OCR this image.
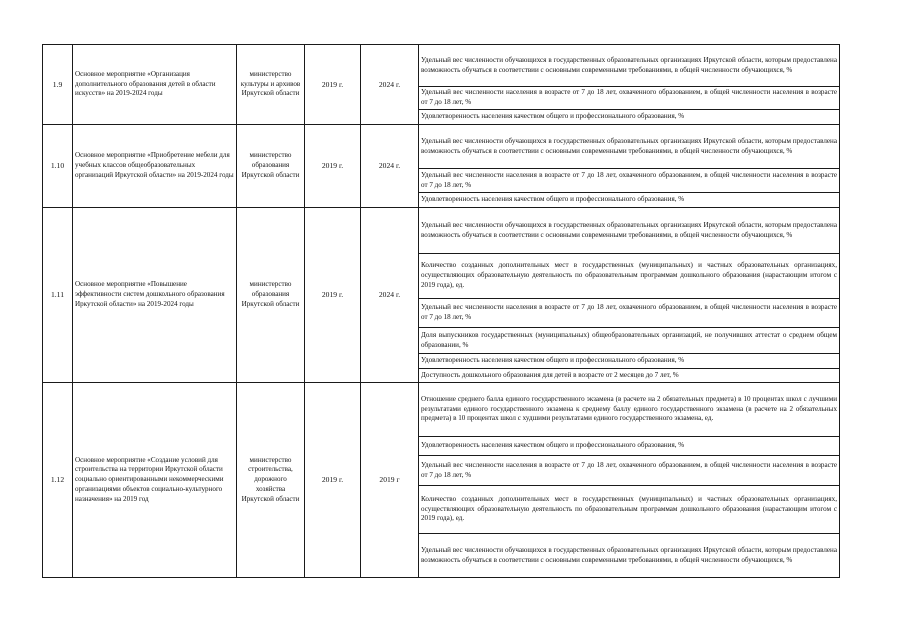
1.9	Основное мероприятие «Организация дополнительного образования детей в области искусств» на 2019-2024 годы	министерство культуры и архивов Иркутской области	2019 г.	2024 г.	Удельный вес численности обучающихся в государственных образовательных организациях Иркутской области, которым предоставлена возможность обучаться в соответствии с основными современными требованиями, в общей численности обучающихся, %
					Удельный вес численности населения в возрасте от 7 до 18 лет, охваченного образованием, в общей численности населения в возрасте от 7 до 18 лет, %
					Удовлетворенность населения качеством общего и профессионального образования, %
1.10	Основное мероприятие «Приобретение мебели для учебных классов общеобразовательных организаций Иркутской области» на 2019-2024 годы	министерство образования Иркутской области	2019 г.	2024 г.	Удельный вес численности обучающихся в государственных образовательных организациях Иркутской области, которым предоставлена возможность обучаться в соответствии с основными современными требованиями, в общей численности обучающихся, %
					Удельный вес численности населения в возрасте от 7 до 18 лет, охваченного образованием, в общей численности населения в возрасте от 7 до 18 лет, %
					Удовлетворенность населения качеством общего и профессионального образования, %
1.11	Основное мероприятие «Повышение эффективности систем дошкольного образования Иркутской области» на 2019-2024 годы	министерство образования Иркутской области	2019 г.	2024 г.	Удельный вес численности обучающихся в государственных образовательных организациях Иркутской области, которым предоставлена возможность обучаться в соответствии с основными современными требованиями, в общей численности обучающихся, %
					Количество созданных дополнительных мест в государственных (муниципальных) и частных образовательных организациях, осуществляющих образовательную деятельность по образовательным программам дошкольного образования (нарастающим итогом с 2019 года), ед.
					Удельный вес численности населения в возрасте от 7 до 18 лет, охваченного образованием, в общей численности населения в возрасте от 7 до 18 лет, %
					Доля выпускников государственных (муниципальных) общеобразовательных организаций, не получивших аттестат о среднем общем образовании, %
					Удовлетворенность населения качеством общего и профессионального образования, %
					Доступность дошкольного образования для детей в возрасте от 2 месяцев до 7 лет, %
1.12	Основное мероприятие «Создание условий для строительства на территории Иркутской области социально ориентированными некоммерческими организациями объектов социально-культурного назначения» на 2019 год	министерство строительства, дорожного хозяйства Иркутской области	2019 г.	2019 г	Отношение среднего балла единого государственного экзамена (в расчете на 2 обязательных предмета) в 10 процентах школ с лучшими результатами единого государственного экзамена к среднему баллу единого государственного экзамена (в расчете на 2 обязательных предмета) в 10 процентах школ с худшими результатами единого государственного экзамена, ед.
					Удовлетворенность населения качеством общего и профессионального образования, %
					Удельный вес численности населения в возрасте от 7 до 18 лет, охваченного образованием, в общей численности населения в возрасте от 7 до 18 лет, %
					Количество созданных дополнительных мест в государственных (муниципальных) и частных образовательных организациях, осуществляющих образовательную деятельность по образовательным программам дошкольного образования (нарастающим итогом с 2019 года), ед.
					Удельный вес численности обучающихся в государственных образовательных организациях Иркутской области, которым предоставлена возможность обучаться в соответствии с основными современными требованиями, в общей численности обучающихся, %
